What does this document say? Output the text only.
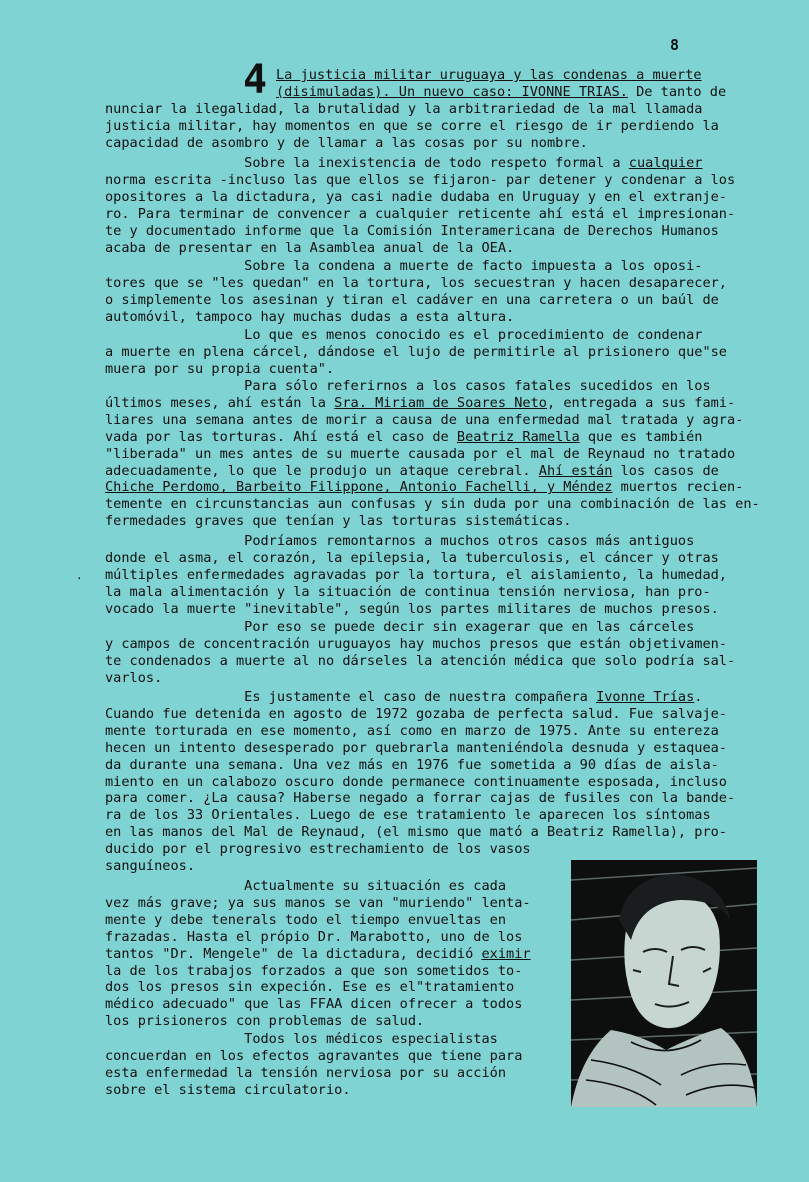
8
4 La justicia militar uruguaya y las condenas a muerte
(disimuladas). Un nuevo caso: IVONNE TRIAS. De tanto de
nunciar la ilegalidad, la brutalidad y la arbitrariedad de la mal llamada
justicia militar, hay momentos en que se corre el riesgo de ir perdiendo la
capacidad de asombro y de llamar a las cosas por su nombre.
Sobre la inexistencia de todo respeto formal a cualquier
norma escrita -incluso las que ellos se fijaron- par detener y condenar a los
opositores a la dictadura, ya casi nadie dudaba en Uruguay y en el extranje-
ro. Para terminar de convencer a cualquier reticente ahí está el impresionan-
te y documentado informe que la Comisión Interamericana de Derechos Humanos
acaba de presentar en la Asamblea anual de la OEA.
Sobre la condena a muerte de facto impuesta a los oposi-
tores que se "les quedan" en la tortura, los secuestran y hacen desaparecer,
o simplemente los asesinan y tiran el cadáver en una carretera o un baúl de
automóvil, tampoco hay muchas dudas a esta altura.
Lo que es menos conocido es el procedimiento de condenar
a muerte en plena cárcel, dándose el lujo de permitirle al prisionero que"se
muera por su propia cuenta".
Para sólo referirnos a los casos fatales sucedidos en los
últimos meses, ahí están la Sra. Miriam de Soares Neto, entregada a sus fami-
liares una semana antes de morir a causa de una enfermedad mal tratada y agra-
vada por las torturas. Ahí está el caso de Beatriz Ramella que es también
"liberada" un mes antes de su muerte causada por el mal de Reynaud no tratado
adecuadamente, lo que le produjo un ataque cerebral. Ahí están los casos de
Chiche Perdomo, Barbeito Filippone, Antonio Fachelli, y Méndez muertos recien-
temente en circunstancias aun confusas y sin duda por una combinación de las en-
fermedades graves que tenían y las torturas sistemáticas.
·
Podríamos remontarnos a muchos otros casos más antiguos
donde el asma, el corazón, la epilepsia, la tuberculosis, el cáncer y otras
múltiples enfermedades agravadas por la tortura, el aislamiento, la humedad,
la mala alimentación y la situación de continua tensión nerviosa, han pro-
vocado la muerte "inevitable", según los partes militares de muchos presos.
Por eso se puede decir sin exagerar que en las cárceles
y campos de concentración uruguayos hay muchos presos que están objetivamen-
te condenados a muerte al no dárseles la atención médica que solo podría sal-
varlos.
Es justamente el caso de nuestra compañera Ivonne Trías.
Cuando fue detenida en agosto de 1972 gozaba de perfecta salud. Fue salvaje-
mente torturada en ese momento, así como en marzo de 1975. Ante su entereza
hecen un intento desesperado por quebrarla manteniéndola desnuda y estaquea-
da durante una semana. Una vez más en 1976 fue sometida a 90 días de aisla-
miento en un calabozo oscuro donde permanece continuamente esposada, incluso
para comer. ¿La causa? Haberse negado a forrar cajas de fusiles con la bande-
ra de los 33 Orientales. Luego de ese tratamiento le aparecen los síntomas
en las manos del Mal de Reynaud, (el mismo que mató a Beatriz Ramella), pro-
ducido por el progresivo estrechamiento de los vasos
sanguíneos.
Actualmente su situación es cada
vez más grave; ya sus manos se van "muriendo" lenta-
mente y debe tenerals todo el tiempo envueltas en
frazadas. Hasta el própio Dr. Marabotto, uno de los
tantos "Dr. Mengele" de la dictadura, decidió eximir
la de los trabajos forzados a que son sometidos to-
dos los presos sin expeción. Ese es el"tratamiento
médico adecuado" que las FFAA dicen ofrecer a todos
los prisioneros con problemas de salud.
Todos los médicos especialistas
concuerdan en los efectos agravantes que tiene para
esta enfermedad la tensión nerviosa por su acción
sobre el sistema circulatorio.
